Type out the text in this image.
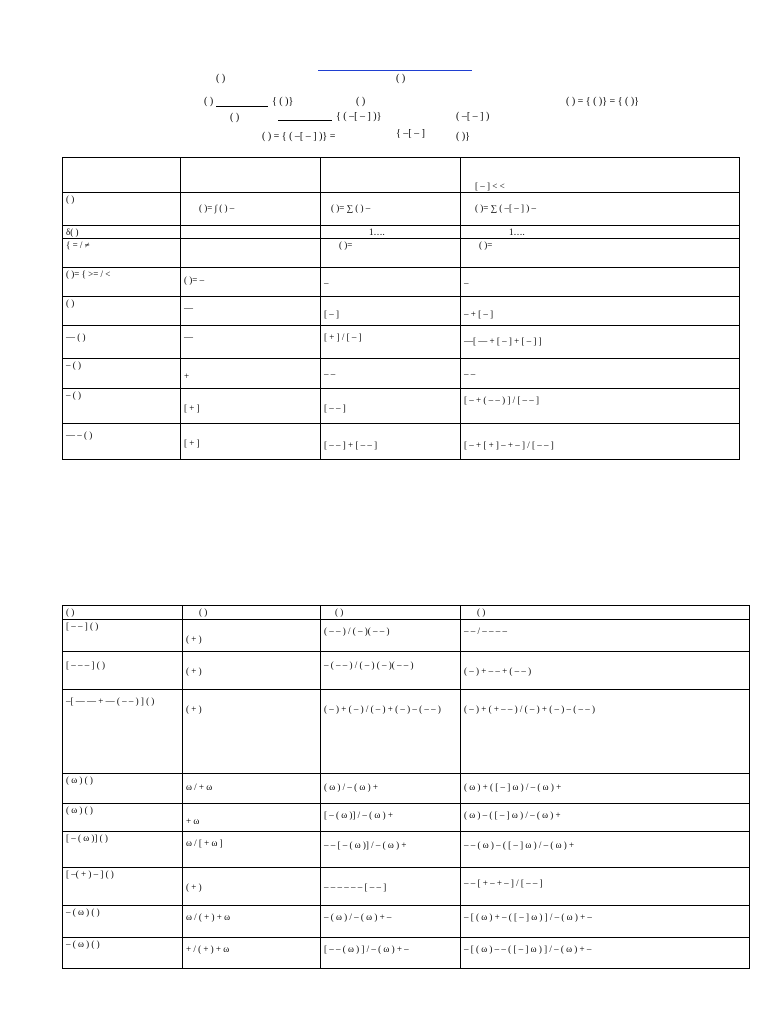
( )	( )
( )	{ ( )}	( )	( ) = { ( )} = { ( )}
( )	{ ( –[ – ] )}	( –[ – ] )
( ) = { ( –[ – ] )} =	{ –[ – ]	( )}
			[ – ] < <
( )	( )= ∫ ( ) –	( )= ∑ ( ) –	( )= ∑ ( –[ – ] ) –
δ( )		1….	1….
{ = / ≠		( )=	( )=
( )= { >= / <	( )= –	–	–
( )	—	[ – ]	– + [ – ]
— ( )	—	[ + ] / [ – ]	—[ — + [ – ] + [ – ] ]
– ( )	+	– –	– –
– ( )	[ + ]	[ – – ]	[ – + ( – – ) ] / [ – – ]
— – ( )	[ + ]	[ – – ] + [ – – ]	[ – + [ + ] – + – ] / [ – – ]
( )	( )	( )	( )
[ – – ] ( )	( + )	( – – ) / ( – )( – – )	– – / – – – –
[ – – – ] ( )	( + )	– ( – – ) / ( – ) ( – )( – – )	( – ) + – – + ( – – )
–[ — — + — ( – – ) ] ( )	( + )	( – ) + ( – ) / ( – ) + ( – ) – ( – – )	( – ) + ( + – – ) / ( – ) + ( – ) – ( – – )
( ω ) ( )	ω / + ω	( ω ) / – ( ω ) +	( ω ) + ( [ – ] ω ) / – ( ω ) +
( ω ) ( )	+ ω	[ – ( ω )] / – ( ω ) +	( ω ) – ( [ – ] ω ) / – ( ω ) +
[ – ( ω )] ( )	ω / [ + ω ]	– – [ – ( ω )] / – ( ω ) +	– – ( ω ) – ( [ – ] ω ) / – ( ω ) +
[ –( + ) – ] ( )	( + )	– – – – – – [ – – ]	– – [ + – + – ] / [ – – ]
– ( ω ) ( )	ω / ( + ) + ω	– ( ω ) / – ( ω ) + –	– [ ( ω ) + – ( [ – ] ω ) ] / – ( ω ) + –
– ( ω ) ( )	+ / ( + ) + ω	[ – – ( ω ) ] / – ( ω ) + –	– [ ( ω ) – – ( [ – ] ω ) ] / – ( ω ) + –
